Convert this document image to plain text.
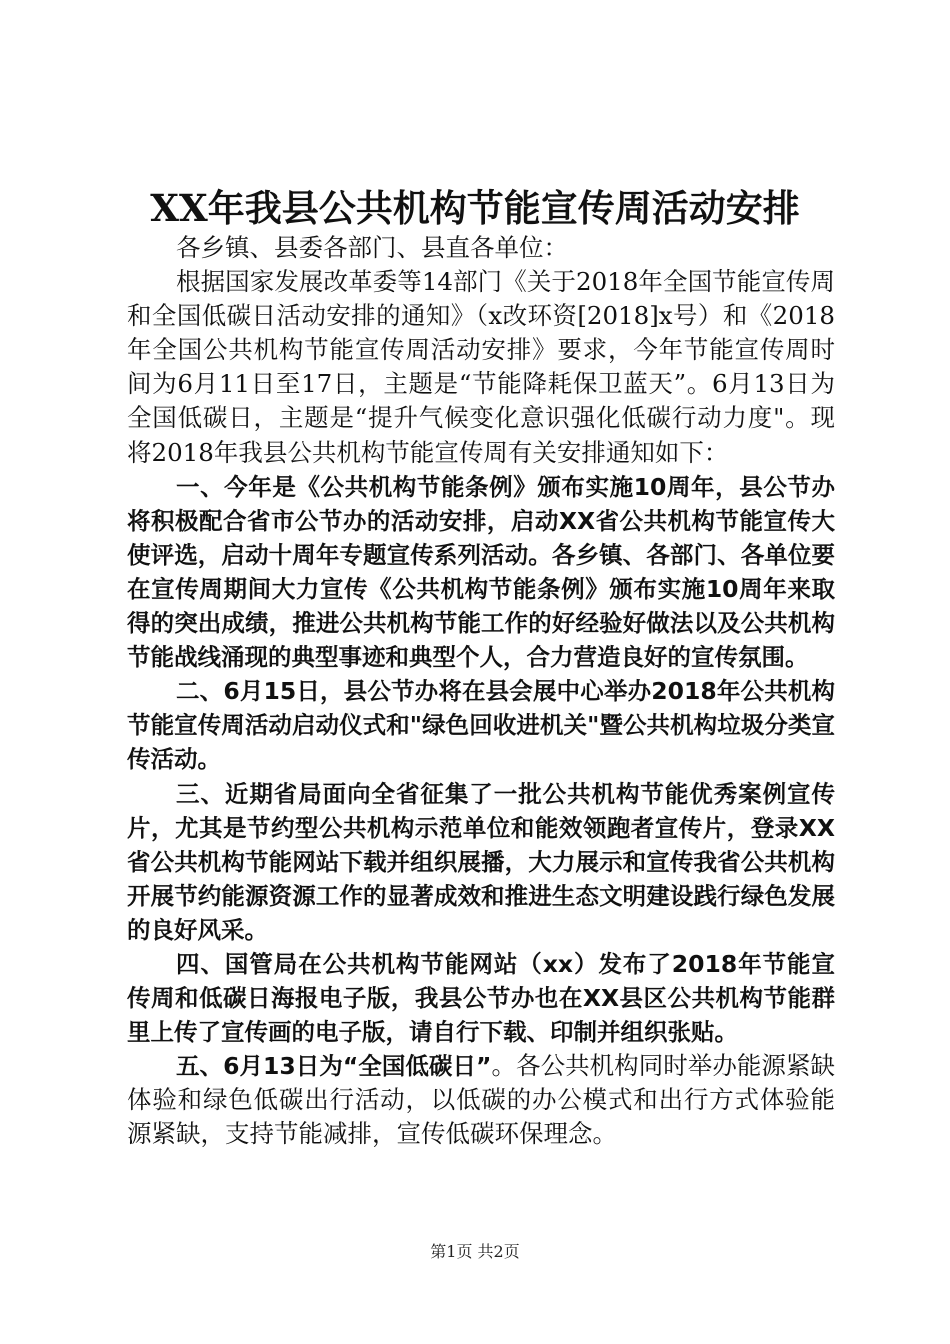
XX年我县公共机构节能宣传周活动安排

各乡镇、县委各部门、县直各单位：

根据国家发展改革委等14部门《关于2018年全国节能宣传周和全国低碳日活动安排的通知》（x改环资[2018]x号）和《2018年全国公共机构节能宣传周活动安排》要求，今年节能宣传周时间为6月11日至17日，主题是“节能降耗保卫蓝天”。6月13日为全国低碳日，主题是“提升气候变化意识强化低碳行动力度"。现将2018年我县公共机构节能宣传周有关安排通知如下：

一、今年是《公共机构节能条例》颁布实施10周年，县公节办将积极配合省市公节办的活动安排，启动XX省公共机构节能宣传大使评选，启动十周年专题宣传系列活动。各乡镇、各部门、各单位要在宣传周期间大力宣传《公共机构节能条例》颁布实施10周年来取得的突出成绩，推进公共机构节能工作的好经验好做法以及公共机构节能战线涌现的典型事迹和典型个人，合力营造良好的宣传氛围。

二、6月15日，县公节办将在县会展中心举办2018年公共机构节能宣传周活动启动仪式和"绿色回收进机关"暨公共机构垃圾分类宣传活动。

三、近期省局面向全省征集了一批公共机构节能优秀案例宣传片，尤其是节约型公共机构示范单位和能效领跑者宣传片，登录XX省公共机构节能网站下载并组织展播，大力展示和宣传我省公共机构开展节约能源资源工作的显著成效和推进生态文明建设践行绿色发展的良好风采。

四、国管局在公共机构节能网站（xx）发布了2018年节能宣传周和低碳日海报电子版，我县公节办也在XX县区公共机构节能群里上传了宣传画的电子版，请自行下载、印制并组织张贴。

五、6月13日为“全国低碳日”。各公共机构同时举办能源紧缺体验和绿色低碳出行活动，以低碳的办公模式和出行方式体验能源紧缺，支持节能减排，宣传低碳环保理念。

第1页 共2页
